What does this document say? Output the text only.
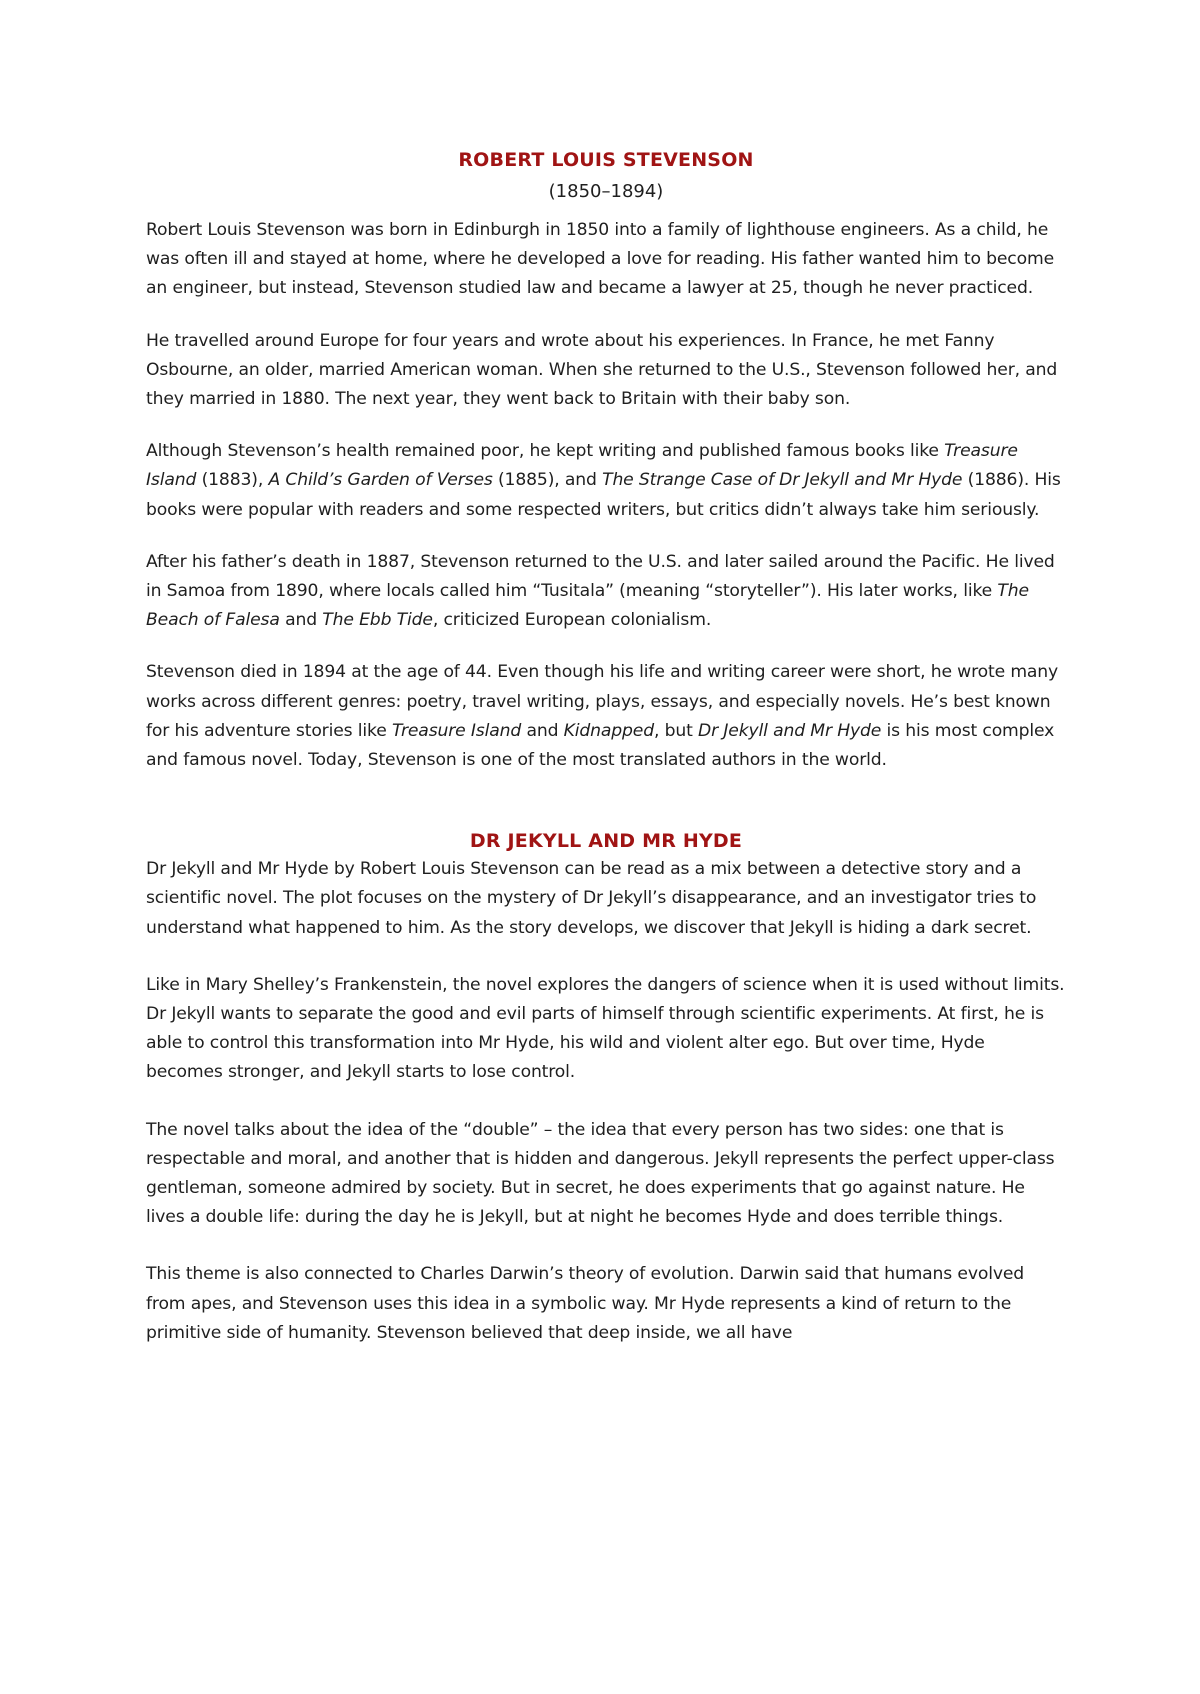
ROBERT LOUIS STEVENSON
(1850–1894)

Robert Louis Stevenson was born in Edinburgh in 1850 into a family of lighthouse engineers. As a child, he was often ill and stayed at home, where he developed a love for reading. His father wanted him to become an engineer, but instead, Stevenson studied law and became a lawyer at 25, though he never practiced.

He travelled around Europe for four years and wrote about his experiences. In France, he met Fanny Osbourne, an older, married American woman. When she returned to the U.S., Stevenson followed her, and they married in 1880. The next year, they went back to Britain with their baby son.

Although Stevenson’s health remained poor, he kept writing and published famous books like Treasure Island (1883), A Child’s Garden of Verses (1885), and The Strange Case of Dr Jekyll and Mr Hyde (1886). His books were popular with readers and some respected writers, but critics didn’t always take him seriously.

After his father’s death in 1887, Stevenson returned to the U.S. and later sailed around the Pacific. He lived in Samoa from 1890, where locals called him “Tusitala” (meaning “storyteller”). His later works, like The Beach of Falesa and The Ebb Tide, criticized European colonialism.

Stevenson died in 1894 at the age of 44. Even though his life and writing career were short, he wrote many works across different genres: poetry, travel writing, plays, essays, and especially novels. He’s best known for his adventure stories like Treasure Island and Kidnapped, but Dr Jekyll and Mr Hyde is his most complex and famous novel. Today, Stevenson is one of the most translated authors in the world.

DR JEKYLL AND MR HYDE

Dr Jekyll and Mr Hyde by Robert Louis Stevenson can be read as a mix between a detective story and a scientific novel. The plot focuses on the mystery of Dr Jekyll’s disappearance, and an investigator tries to understand what happened to him. As the story develops, we discover that Jekyll is hiding a dark secret.

Like in Mary Shelley’s Frankenstein, the novel explores the dangers of science when it is used without limits. Dr Jekyll wants to separate the good and evil parts of himself through scientific experiments. At first, he is able to control this transformation into Mr Hyde, his wild and violent alter ego. But over time, Hyde becomes stronger, and Jekyll starts to lose control.

The novel talks about the idea of the “double” – the idea that every person has two sides: one that is respectable and moral, and another that is hidden and dangerous. Jekyll represents the perfect upper-class gentleman, someone admired by society. But in secret, he does experiments that go against nature. He lives a double life: during the day he is Jekyll, but at night he becomes Hyde and does terrible things.

This theme is also connected to Charles Darwin’s theory of evolution. Darwin said that humans evolved from apes, and Stevenson uses this idea in a symbolic way. Mr Hyde represents a kind of return to the primitive side of humanity. Stevenson believed that deep inside, we all have
